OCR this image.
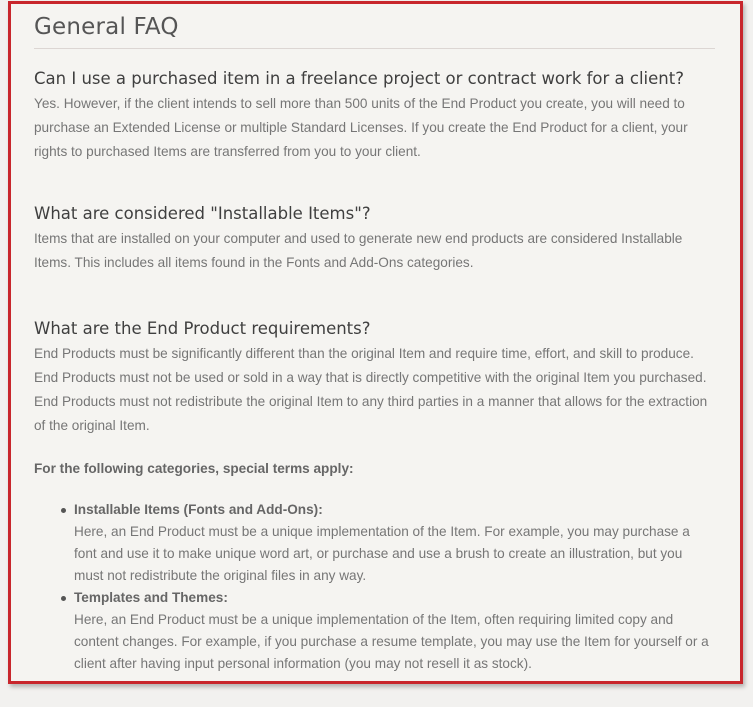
General FAQ
Can I use a purchased item in a freelance project or contract work for a client?

Yes. However, if the client intends to sell more than 500 units of the End Product you create, you will need to purchase an Extended License or multiple Standard Licenses. If you create the End Product for a client, your rights to purchased Items are transferred from you to your client.

What are considered "Installable Items"?

Items that are installed on your computer and used to generate new end products are considered Installable Items. This includes all items found in the Fonts and Add-Ons categories.

What are the End Product requirements?

End Products must be significantly different than the original Item and require time, effort, and skill to produce. End Products must not be used or sold in a way that is directly competitive with the original Item you purchased. End Products must not redistribute the original Item to any third parties in a manner that allows for the extraction of the original Item.

For the following categories, special terms apply:

Installable Items (Fonts and Add-Ons):
Here, an End Product must be a unique implementation of the Item. For example, you may purchase a font and use it to make unique word art, or purchase and use a brush to create an illustration, but you must not redistribute the original files in any way.
Templates and Themes:
Here, an End Product must be a unique implementation of the Item, often requiring limited copy and content changes. For example, if you purchase a resume template, you may use the Item for yourself or a client after having input personal information (you may not resell it as stock).
